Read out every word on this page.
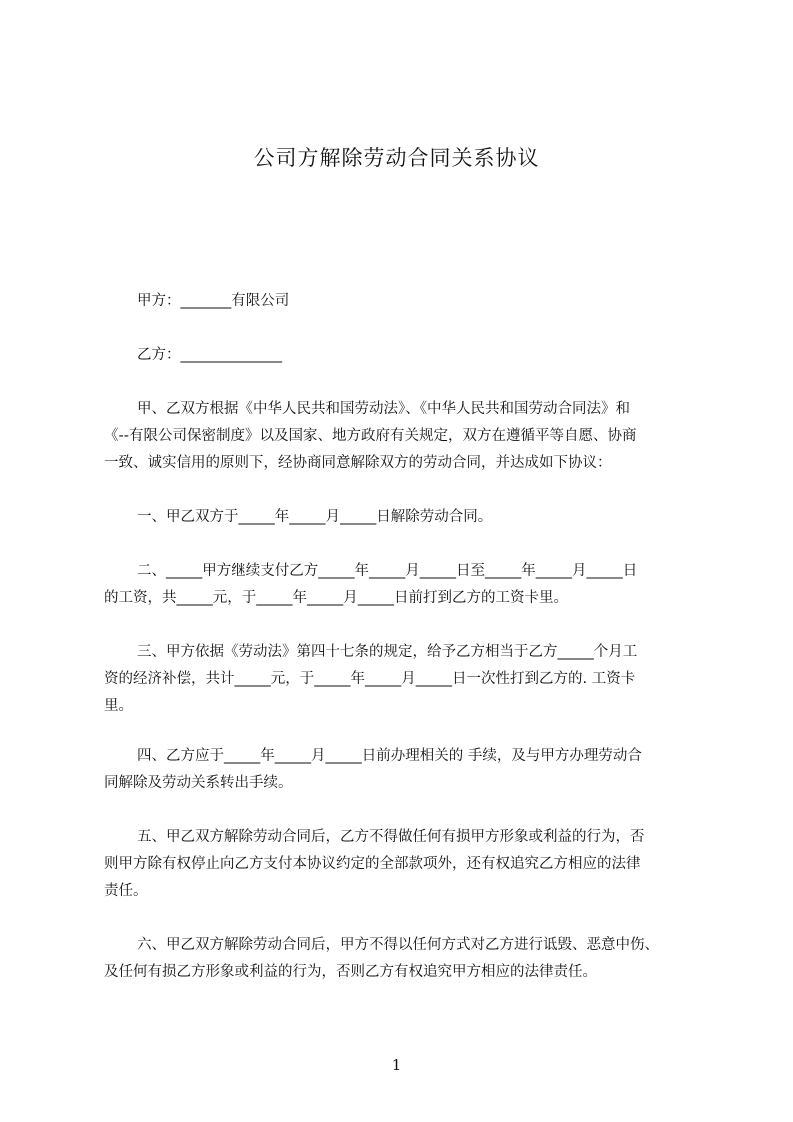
公司方解除劳动合同关系协议
甲方：_______有限公司
乙方：______________
甲、乙双方根据《中华人民共和国劳动法》、《中华人民共和国劳动合同法》和
《--有限公司保密制度》以及国家、地方政府有关规定，双方在遵循平等自愿、协商
一致、诚实信用的原则下，经协商同意解除双方的劳动合同，并达成如下协议：
一、甲乙双方于_____年_____月_____日解除劳动合同。
二、_____甲方继续支付乙方_____年_____月_____日至_____年_____月_____日
的工资，共_____元，于_____年_____月_____日前打到乙方的工资卡里。
三、甲方依据《劳动法》第四十七条的规定，给予乙方相当于乙方_____个月工
资的经济补偿，共计_____元，于_____年_____月_____日一次性打到乙方的. 工资卡
里。
四、乙方应于_____年_____月_____日前办理相关的 手续，及与甲方办理劳动合
同解除及劳动关系转出手续。
五、甲乙双方解除劳动合同后，乙方不得做任何有损甲方形象或利益的行为，否
则甲方除有权停止向乙方支付本协议约定的全部款项外，还有权追究乙方相应的法律
责任。
六、甲乙双方解除劳动合同后，甲方不得以任何方式对乙方进行诋毁、恶意中伤、
及任何有损乙方形象或利益的行为，否则乙方有权追究甲方相应的法律责任。
1
